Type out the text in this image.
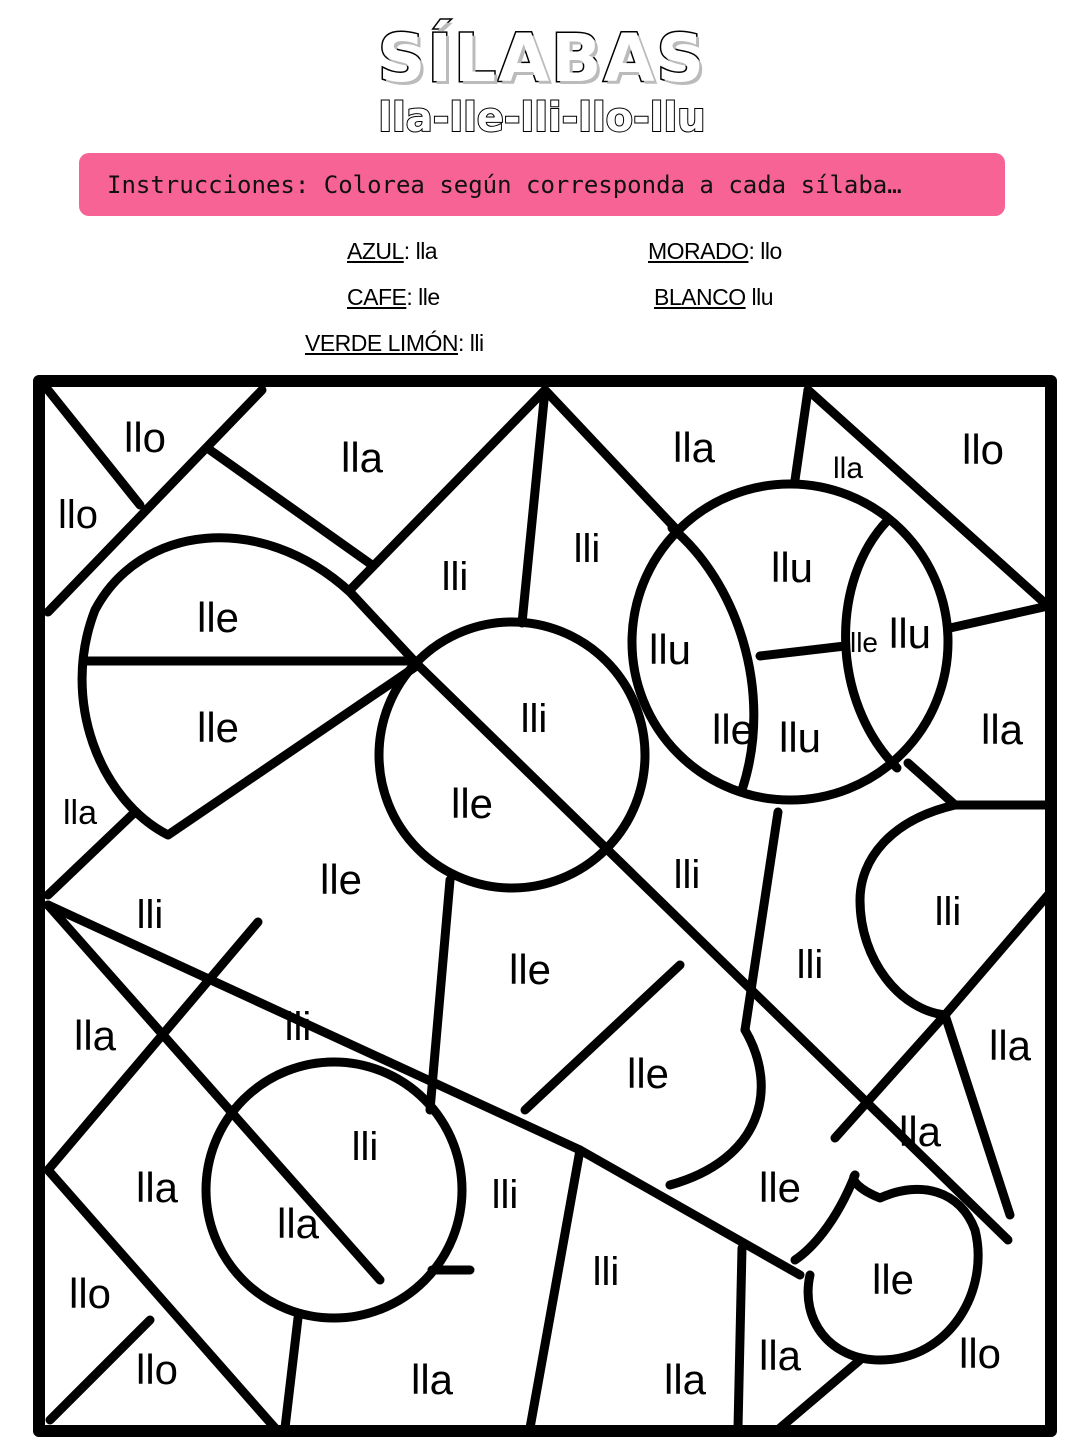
SÍLABAS
lla-lle-lli-llo-llu
Instrucciones: Colorea según corresponda a cada sílaba…
AZUL: lla
CAFE: lle
VERDE LIMÓN: lli
MORADO: llo
BLANCO llu
llo
llo
lla	lla	lla llo
lle
lli
lli	llu
llu	lle llu
lle	lli
lla
lle llu	lla
lle
lle	lli
lli
lli
lli
lle
lli
lla	lla
lle
lla
lli
lla	lli	lle
lla
lli	lle
llo
llo	lla	lla
lla	llo
